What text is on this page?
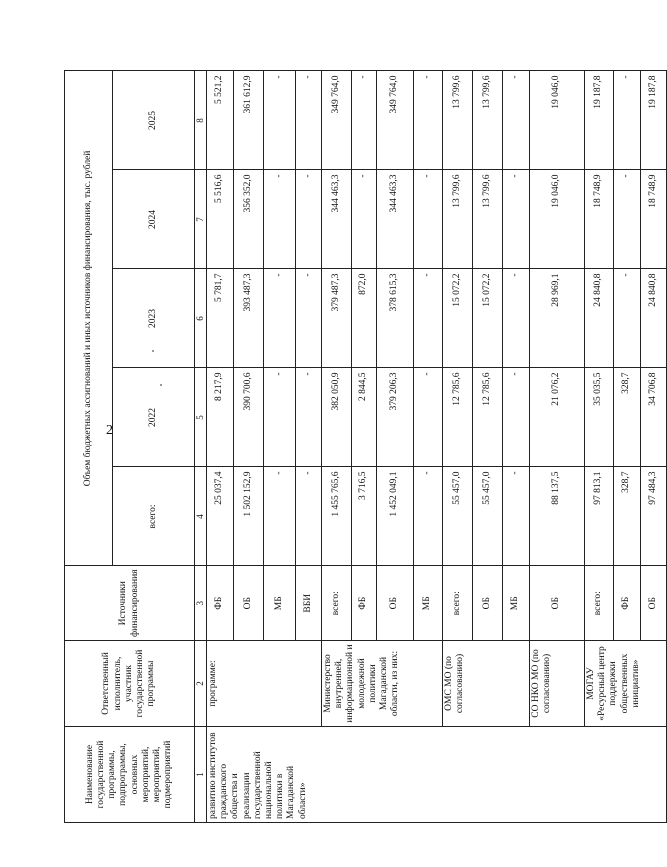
2
Наименование государственной программы, подпрограммы, основных мероприятий, мероприятий, подмероприятий	Ответственный исполнитель, участник государственной программы	Источники финансирования	Объем бюджетных ассигнований и иных источников финансирования, тыс. рублей				
			всего:	2022	2023	2024	2025
1	2	3	4	5	6	7	8
развитию институтов гражданского общества и реализации государственной национальной политики в Магаданской области»	программе:	ФБ	25 037,4	8 217,9	5 781,7	5 516,6	5 521,2
		ОБ	1 502 152,9	390 700,6	393 487,3	356 352,0	361 612,9
		МБ	-	-	-	-	-
		ВБИ	-	-	-	-	-
	Министерство внутренней, информационной и молодежной политики Магаданской области, из них:	всего:	1 455 765,6	382 050,9	379 487,3	344 463,3	349 764,0
		ФБ	3 716,5	2 844,5	872,0	-	-
		ОБ	1 452 049,1	379 206,3	378 615,3	344 463,3	349 764,0
		МБ	-	-	-	-	-
	ОМС МО (по согласованию)	всего:	55 457,0	12 785,6	15 072,2	13 799,6	13 799,6
		ОБ	55 457,0	12 785,6	15 072,2	13 799,6	13 799,6
		МБ	-	-	-	-	-
	СО НКО МО (по согласованию)	ОБ	88 137,5	21 076,2	28 969,1	19 046,0	19 046,0
	МОГАУ «Ресурсный центр поддержки общественных инициатив»	всего:	97 813,1	35 035,5	24 840,8	18 748,9	19 187,8
		ФБ	328,7	328,7	-	-	-
		ОБ	97 484,3	34 706,8	24 840,8	18 748,9	19 187,8
